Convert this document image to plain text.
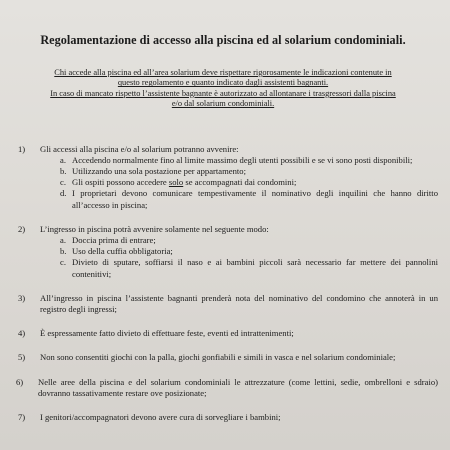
Regolamentazione di accesso alla piscina ed al solarium condominiali.
Chi accede alla piscina ed all’area solarium deve rispettare rigorosamente le indicazioni contenute in
questo regolamento e quanto indicato dagli assistenti bagnanti.
In caso di mancato rispetto l’assistente bagnante è autorizzato ad allontanare i trasgressori dalla piscina
e/o dal solarium condominiali.
1)	Gli accessi alla piscina e/o al solarium potranno avvenire:
a. Accedendo normalmente fino al limite massimo degli utenti possibili e se vi sono posti disponibili;
b. Utilizzando una sola postazione per appartamento;
c. Gli ospiti possono accedere solo se accompagnati dai condomini;
d. I proprietari devono comunicare tempestivamente il nominativo degli inquilini che hanno diritto all’accesso in piscina;
2)	L’ingresso in piscina potrà avvenire solamente nel seguente modo:
a. Doccia prima di entrare;
b. Uso della cuffia obbligatoria;
c. Divieto di sputare, soffiarsi il naso e ai bambini piccoli sarà necessario far mettere dei pannolini contenitivi;
3)	All’ingresso in piscina l’assistente bagnanti prenderà nota del nominativo del condomino che annoterà in un registro degli ingressi;
4)	È espressamente fatto divieto di effettuare feste, eventi ed intrattenimenti;
5)	Non sono consentiti giochi con la palla, giochi gonfiabili e simili in vasca e nel solarium condominiale;
6)	Nelle aree della piscina e del solarium condominiali le attrezzature (come lettini, sedie, ombrelloni e sdraio) dovranno tassativamente restare ove posizionate;
7)	I genitori/accompagnatori devono avere cura di sorvegliare i bambini;
